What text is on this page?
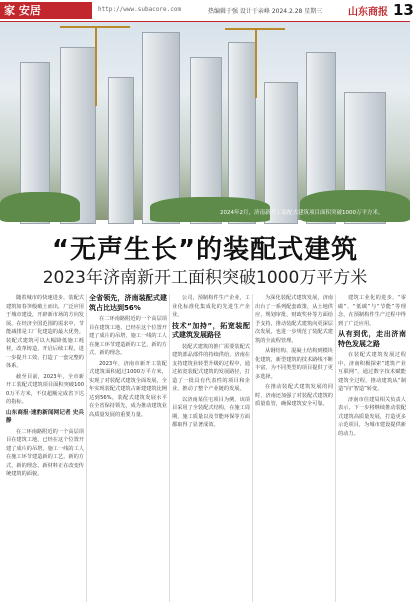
家 安居	http://www.subacore.com	热编辑于强 设计于亲峰 2024.2.28 星期三	山东商报 13
2024年2月，济南新开工装配式建筑项目面积突破1000万平方米。
“无声生长”的装配式建筑
2023年济南新开工面积突破1000万平方米

随着城市的快速进步，装配式建筑如春笋般破土而出，广泛应用于城市建设，开辟新市场的方向发展。在经济全国范围的需求中，节能减排是工厂化建造的最大优势。装配式建筑可以大幅降低施工耗材，改革铸造，开启后续工程，进一步提升工效，打造了一套完整的体系。

截至目前，2023年，全市新开工装配式建筑项目面积突破1000万平方米，不仅超额完成省下达的指标。

山东商报·速豹新闻网记者 史兵静

在二环南路附近的一个高层项目在建筑工地，已经在这个位置开建了成片的吊塔，施工一线的工人在施工环节建造新的工艺，新的方式，新的理念，新材料正在改变传统建筑的面貌。

全省领先，济南装配式建筑占比达到56%

在二环南路附近的一个高层项目在建筑工地，已经在这个位置开建了成片的吊塔，施工一线的工人在施工环节建造新的工艺，新的方式，新的理念。

2023年，济南市新开工装配式建筑面积超过1000万平方米，实现了对装配式建筑全面发展，全年实现装配式建筑占新建建筑比例达到56%，装配式建筑发展水平在全省保持领先，成为推动建筑业高质量发展的重要力量。

公司，预制构件生产企业，工业化标准化集成化的先进生产企业。

技术“加持”，拓宽装配式建筑发展路径

装配式建筑的推广需要装配式建筑部品部件的持续供给，济南在支持建筑业转型升级的过程中，通过拓宽装配式建筑的发展路径，打造了一批具有代表性的项目和企业，推动了整个产业链的发展。

以济南某住宅项目为例，该项目采用了全装配式结构，在施工周期、施工质量以及节能环保等方面都取得了显著成效。

为深化装配式建筑发展，济南出台了一系列配套政策，从土地供应、规划审批、财政奖补等方面给予支持，推动装配式建筑向更深层次发展，也进一步规范了装配式建筑的全流程管理。

从钢结构、混凝土结构到模块化建筑，新型建筑的技术路线不断丰富，为不同类型的项目提供了更多选择。

在推动装配式建筑发展的同时，济南还加强了对装配式建筑的质量监管，确保建筑安全可靠。

建筑工业化的进步，“零碳”、“低碳”与“节能”等理念，在预制构件生产过程中得到了广泛应用。

从有到优，走出济南特色发展之路

在装配式建筑发展过程中，济南积极探索“建筑产业互联网”，通过数字技术赋能建筑全过程，推动建筑从“制造”向“智造”转变。

济南市住建局相关负责人表示，下一步将继续推动装配式建筑高质量发展，打造更多示范项目，为城市建设提供新的动力。
